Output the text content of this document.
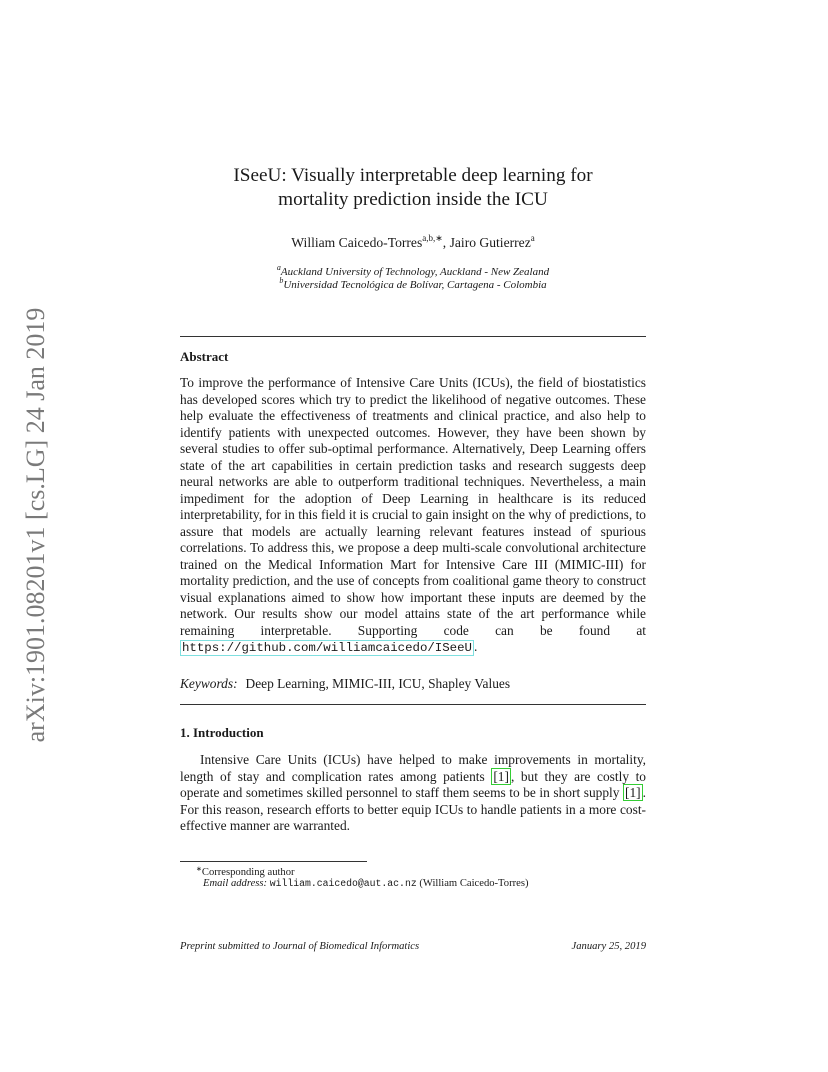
arXiv:1901.08201v1 [cs.LG] 24 Jan 2019
ISeeU: Visually interpretable deep learning for
mortality prediction inside the ICU
William Caicedo-Torres$^{a,b,∗}$, Jairo Gutierrez$^a$
$^a$Auckland University of Technology, Auckland - New Zealand
$^b$Universidad Tecnológica de Bolívar, Cartagena - Colombia
Abstract
To improve the performance of Intensive Care Units (ICUs), the field of biostatistics has developed scores which try to predict the likelihood of negative outcomes. These help evaluate the effectiveness of treatments and clinical practice, and also help to identify patients with unexpected outcomes. However, they have been shown by several studies to offer sub-optimal performance. Alternatively, Deep Learning offers state of the art capabilities in certain prediction tasks and research suggests deep neural networks are able to outperform traditional techniques. Nevertheless, a main impediment for the adoption of Deep Learning in healthcare is its reduced interpretability, for in this field it is crucial to gain insight on the why of predictions, to assure that models are actually learning relevant features instead of spurious correlations. To address this, we propose a deep multi-scale convolutional architecture trained on the Medical Information Mart for Intensive Care III (MIMIC-III) for mortality prediction, and the use of concepts from coalitional game theory to construct visual explanations aimed to show how important these inputs are deemed by the network. Our results show our model attains state of the art performance while remaining interpretable. Supporting code can be found at https://github.com/williamcaicedo/ISeeU .
Keywords: Deep Learning, MIMIC-III, ICU, Shapley Values
1. Introduction
Intensive Care Units (ICUs) have helped to make improvements in mortality, length of stay and complication rates among patients [1] , but they are costly to operate and sometimes skilled personnel to staff them seems to be in short supply [1] . For this reason, research efforts to better equip ICUs to handle patients in a more cost-effective manner are warranted.
∗Corresponding author
Email address: william.caicedo@aut.ac.nz (William Caicedo-Torres)
Preprint submitted to Journal of Biomedical Informatics	January 25, 2019
